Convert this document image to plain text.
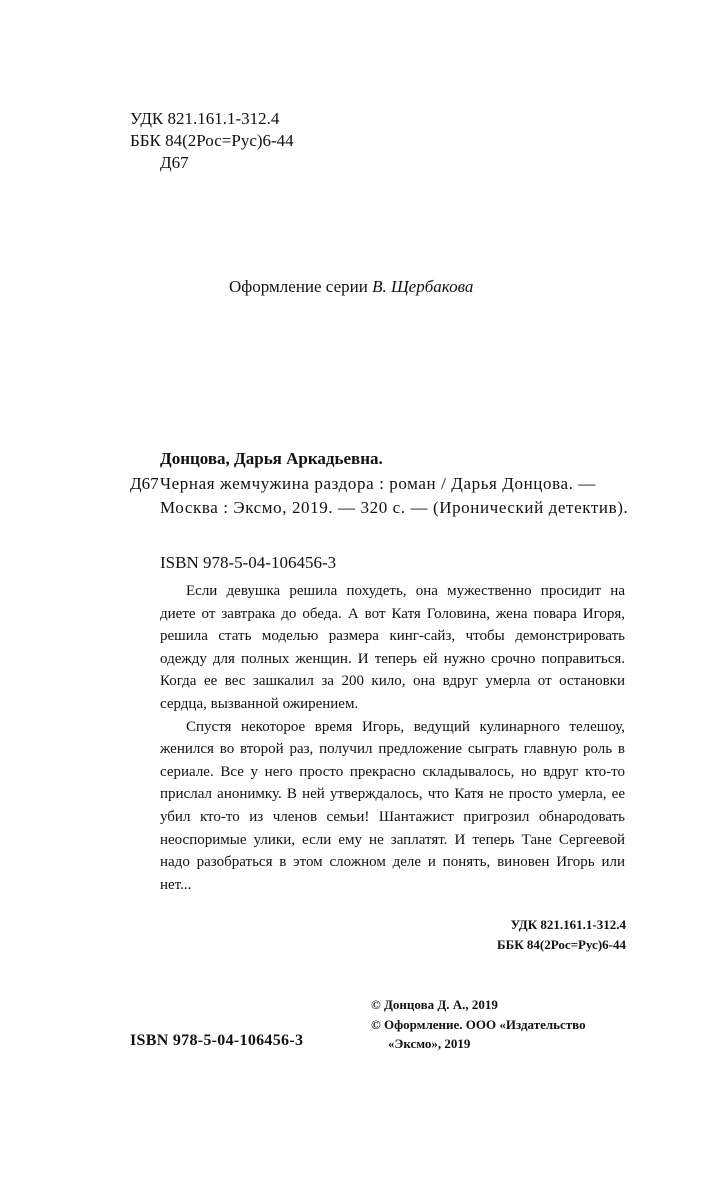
УДК 821.161.1-312.4
ББК 84(2Рос=Рус)6-44
Д67
Оформление серии В. Щербакова
Донцова, Дарья Аркадьевна.
Д67 Черная жемчужина раздора : роман / Дарья Донцова. — Москва : Эксмо, 2019. — 320 с. — (Иронический детектив).
ISBN 978-5-04-106456-3

Если девушка решила похудеть, она мужественно просидит на диете от завтрака до обеда. А вот Катя Головина, жена повара Игоря, решила стать моделью размера кинг-сайз, чтобы демонстрировать одежду для полных женщин. И теперь ей нужно срочно поправиться. Когда ее вес зашкалил за 200 кило, она вдруг умерла от остановки сердца, вызванной ожирением.

Спустя некоторое время Игорь, ведущий кулинарного телешоу, женился во второй раз, получил предложение сыграть главную роль в сериале. Все у него просто прекрасно складывалось, но вдруг кто-то прислал анонимку. В ней утверждалось, что Катя не просто умерла, ее убил кто-то из членов семьи! Шантажист пригрозил обнародовать неоспоримые улики, если ему не заплатят. И теперь Тане Сергеевой надо разобраться в этом сложном деле и понять, виновен Игорь или нет...

УДК 821.161.1-312.4
ББК 84(2Рос=Рус)6-44
© Донцова Д. А., 2019
© Оформление. ООО «Издательство
«Эксмо», 2019
ISBN 978-5-04-106456-3
